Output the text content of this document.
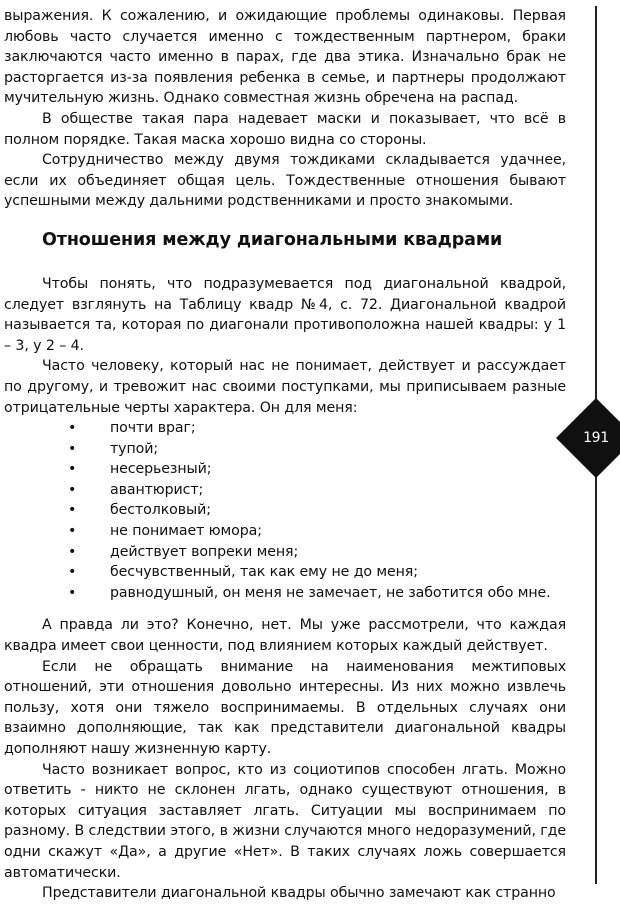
выражения. К сожалению, и ожидающие проблемы одинаковы. Первая любовь часто случается именно с тождественным партнером, браки заключаются часто именно в парах, где два этика. Изначально брак не расторгается из-за появления ребенка в семье, и партнеры продолжают мучительную жизнь. Однако совместная жизнь обречена на распад.

В обществе такая пара надевает маски и показывает, что всё в полном порядке. Такая маска хорошо видна со стороны.

Сотрудничество между двумя тождиками складывается удачнее, если их объединяет общая цель. Тождественные отношения бывают успешными между дальними родственниками и просто знакомыми.

Отношения между диагональными квадрами

Чтобы понять, что подразумевается под диагональной квадрой, следует взглянуть на Таблицу квадр №4, с. 72. Диагональной квадрой называется та, которая по диагонали противоположна нашей квадры: у 1 – 3, у 2 – 4.

Часто человеку, который нас не понимает, действует и рассуждает по другому, и тревожит нас своими поступками, мы приписываем разные отрицательные черты характера. Он для меня:

• почти враг;
• тупой;
• несерьезный;
• авантюрист;
• бестолковый;
• не понимает юмора;
• действует вопреки меня;
• бесчувственный, так как ему не до меня;
• равнодушный, он меня не замечает, не заботится обо мне.

А правда ли это? Конечно, нет. Мы уже рассмотрели, что каждая квадра имеет свои ценности, под влиянием которых каждый действует.

Если не обращать внимание на наименования межтиповых отношений, эти отношения довольно интересны. Из них можно извлечь пользу, хотя они тяжело воспринимаемы. В отдельных случаях они взаимно дополняющие, так как представители диагональной квадры дополняют нашу жизненную карту.

Часто возникает вопрос, кто из социотипов способен лгать. Можно ответить - никто не склонен лгать, однако существуют отношения, в которых ситуация заставляет лгать. Ситуации мы воспринимаем по разному. В следствии этого, в жизни случаются много недоразумений, где одни скажут «Да», а другие «Нет». В таких случаях ложь совершается автоматически.

Представители диагональной квадры обычно замечают как странно

191
